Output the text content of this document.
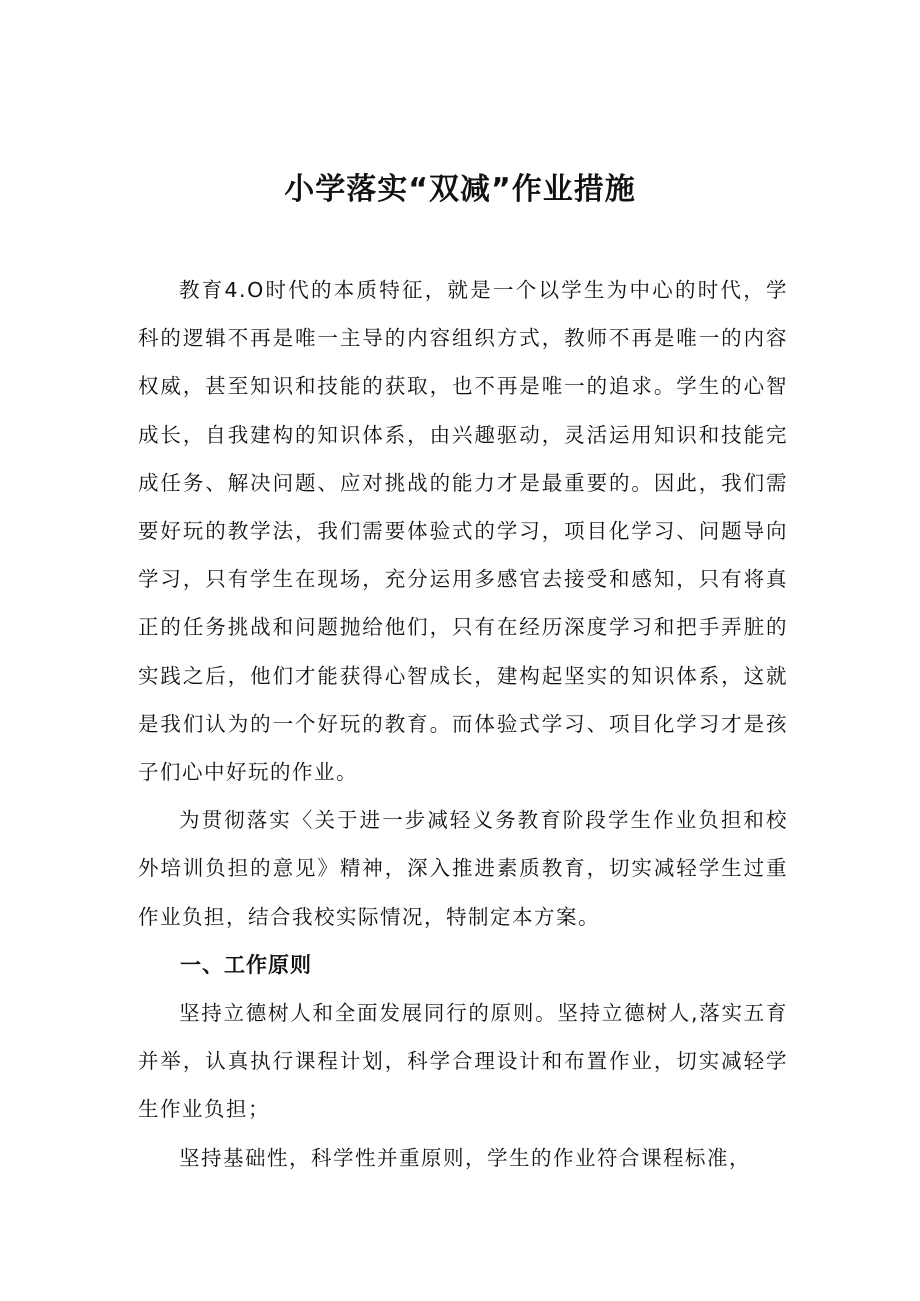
小学落实“双减”作业措施

教育4.O时代的本质特征，就是一个以学生为中心的时代，学科的逻辑不再是唯一主导的内容组织方式，教师不再是唯一的内容权威，甚至知识和技能的获取，也不再是唯一的追求。学生的心智成长，自我建构的知识体系，由兴趣驱动，灵活运用知识和技能完成任务、解决问题、应对挑战的能力才是最重要的。因此，我们需要好玩的教学法，我们需要体验式的学习，项目化学习、问题导向学习，只有学生在现场，充分运用多感官去接受和感知，只有将真正的任务挑战和问题抛给他们，只有在经历深度学习和把手弄脏的实践之后，他们才能获得心智成长，建构起坚实的知识体系，这就是我们认为的一个好玩的教育。而体验式学习、项目化学习才是孩子们心中好玩的作业。

为贯彻落实〈关于进一步减轻义务教育阶段学生作业负担和校外培训负担的意见》精神，深入推进素质教育，切实减轻学生过重作业负担，结合我校实际情况，特制定本方案。

一、工作原则

坚持立德树人和全面发展同行的原则。坚持立德树人,落实五育并举，认真执行课程计划，科学合理设计和布置作业，切实减轻学生作业负担；

坚持基础性，科学性并重原则，学生的作业符合课程标准，
